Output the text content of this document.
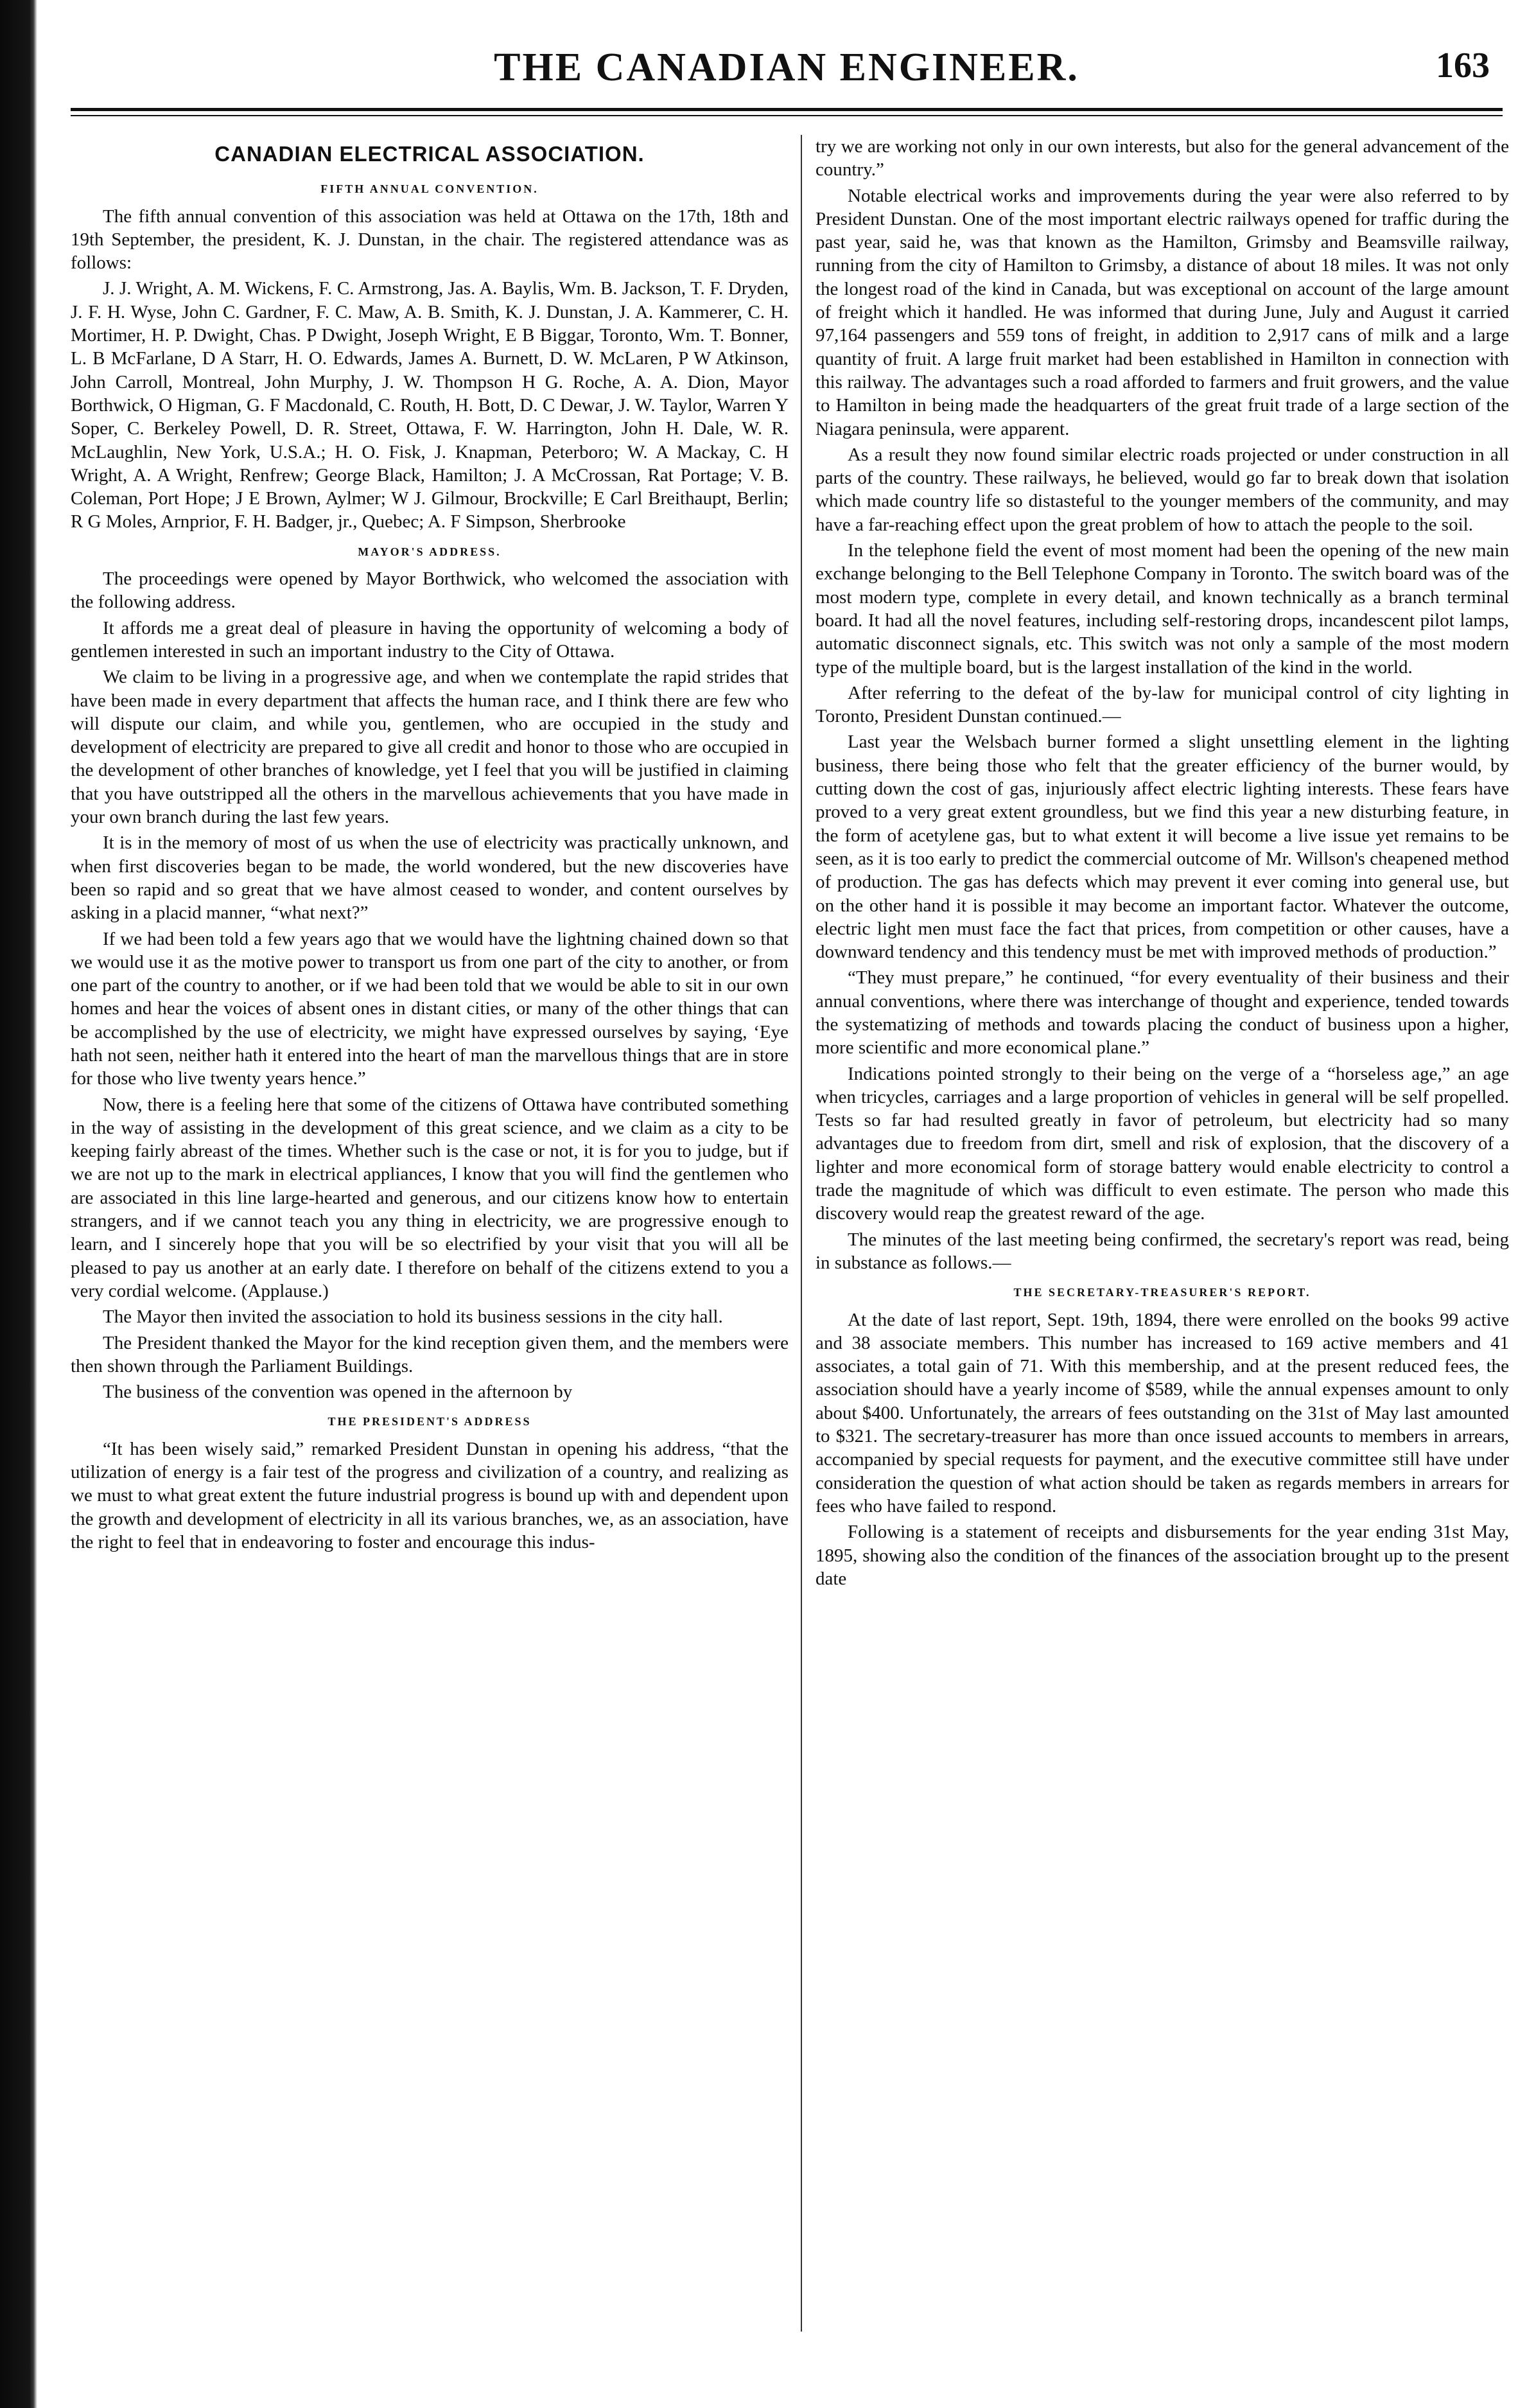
THE CANADIAN ENGINEER.	163
CANADIAN ELECTRICAL ASSOCIATION.
FIFTH ANNUAL CONVENTION.

The fifth annual convention of this association was held at Ottawa on the 17th, 18th and 19th September, the president, K. J. Dunstan, in the chair. The registered attendance was as follows:

J. J. Wright, A. M. Wickens, F. C. Armstrong, Jas. A. Baylis, Wm. B. Jackson, T. F. Dryden, J. F. H. Wyse, John C. Gardner, F. C. Maw, A. B. Smith, K. J. Dunstan, J. A. Kammerer, C. H. Mortimer, H. P. Dwight, Chas. P Dwight, Joseph Wright, E B Biggar, Toronto, Wm. T. Bonner, L. B McFarlane, D A Starr, H. O. Edwards, James A. Burnett, D. W. McLaren, P W Atkinson, John Carroll, Montreal, John Murphy, J. W. Thompson H G. Roche, A. A. Dion, Mayor Borthwick, O Higman, G. F Macdonald, C. Routh, H. Bott, D. C Dewar, J. W. Taylor, Warren Y Soper, C. Berkeley Powell, D. R. Street, Ottawa, F. W. Harrington, John H. Dale, W. R. McLaughlin, New York, U.S.A.; H. O. Fisk, J. Knapman, Peterboro; W. A Mackay, C. H Wright, A. A Wright, Renfrew; George Black, Hamilton; J. A McCrossan, Rat Portage; V. B. Coleman, Port Hope; J E Brown, Aylmer; W J. Gilmour, Brockville; E Carl Breithaupt, Berlin; R G Moles, Arnprior, F. H. Badger, jr., Quebec; A. F Simpson, Sherbrooke

MAYOR'S ADDRESS.

The proceedings were opened by Mayor Borthwick, who welcomed the association with the following address.

It affords me a great deal of pleasure in having the opportunity of welcoming a body of gentlemen interested in such an important industry to the City of Ottawa.

We claim to be living in a progressive age, and when we contemplate the rapid strides that have been made in every department that affects the human race, and I think there are few who will dispute our claim, and while you, gentlemen, who are occupied in the study and development of electricity are prepared to give all credit and honor to those who are occupied in the development of other branches of knowledge, yet I feel that you will be justified in claiming that you have outstripped all the others in the marvellous achievements that you have made in your own branch during the last few years.

It is in the memory of most of us when the use of electricity was practically unknown, and when first discoveries began to be made, the world wondered, but the new discoveries have been so rapid and so great that we have almost ceased to wonder, and content ourselves by asking in a placid manner, “what next?”

If we had been told a few years ago that we would have the lightning chained down so that we would use it as the motive power to transport us from one part of the city to another, or from one part of the country to another, or if we had been told that we would be able to sit in our own homes and hear the voices of absent ones in distant cities, or many of the other things that can be accomplished by the use of electricity, we might have expressed ourselves by saying, ‘Eye hath not seen, neither hath it entered into the heart of man the marvellous things that are in store for those who live twenty years hence.”

Now, there is a feeling here that some of the citizens of Ottawa have contributed something in the way of assisting in the development of this great science, and we claim as a city to be keeping fairly abreast of the times. Whether such is the case or not, it is for you to judge, but if we are not up to the mark in electrical appliances, I know that you will find the gentlemen who are associated in this line large-hearted and generous, and our citizens know how to entertain strangers, and if we cannot teach you any thing in electricity, we are progressive enough to learn, and I sincerely hope that you will be so electrified by your visit that you will all be pleased to pay us another at an early date. I therefore on behalf of the citizens extend to you a very cordial welcome. (Applause.)

The Mayor then invited the association to hold its business sessions in the city hall.

The President thanked the Mayor for the kind reception given them, and the members were then shown through the Parliament Buildings.

The business of the convention was opened in the afternoon by

THE PRESIDENT'S ADDRESS

“It has been wisely said,” remarked President Dunstan in opening his address, “that the utilization of energy is a fair test of the progress and civilization of a country, and realizing as we must to what great extent the future industrial progress is bound up with and dependent upon the growth and development of electricity in all its various branches, we, as an association, have the right to feel that in endeavoring to foster and encourage this indus-

try we are working not only in our own interests, but also for the general advancement of the country.”

Notable electrical works and improvements during the year were also referred to by President Dunstan. One of the most important electric railways opened for traffic during the past year, said he, was that known as the Hamilton, Grimsby and Beamsville railway, running from the city of Hamilton to Grimsby, a distance of about 18 miles. It was not only the longest road of the kind in Canada, but was exceptional on account of the large amount of freight which it handled. He was informed that during June, July and August it carried 97,164 passengers and 559 tons of freight, in addition to 2,917 cans of milk and a large quantity of fruit. A large fruit market had been established in Hamilton in connection with this railway. The advantages such a road afforded to farmers and fruit growers, and the value to Hamilton in being made the headquarters of the great fruit trade of a large section of the Niagara peninsula, were apparent.

As a result they now found similar electric roads projected or under construction in all parts of the country. These railways, he believed, would go far to break down that isolation which made country life so distasteful to the younger members of the community, and may have a far-reaching effect upon the great problem of how to attach the people to the soil.

In the telephone field the event of most moment had been the opening of the new main exchange belonging to the Bell Telephone Company in Toronto. The switch board was of the most modern type, complete in every detail, and known technically as a branch terminal board. It had all the novel features, including self-restoring drops, incandescent pilot lamps, automatic disconnect signals, etc. This switch was not only a sample of the most modern type of the multiple board, but is the largest installation of the kind in the world.

After referring to the defeat of the by-law for municipal control of city lighting in Toronto, President Dunstan continued.—

Last year the Welsbach burner formed a slight unsettling element in the lighting business, there being those who felt that the greater efficiency of the burner would, by cutting down the cost of gas, injuriously affect electric lighting interests. These fears have proved to a very great extent groundless, but we find this year a new disturbing feature, in the form of acetylene gas, but to what extent it will become a live issue yet remains to be seen, as it is too early to predict the commercial outcome of Mr. Willson's cheapened method of production. The gas has defects which may prevent it ever coming into general use, but on the other hand it is possible it may become an important factor. Whatever the outcome, electric light men must face the fact that prices, from competition or other causes, have a downward tendency and this tendency must be met with improved methods of production.”

“They must prepare,” he continued, “for every eventuality of their business and their annual conventions, where there was interchange of thought and experience, tended towards the systematizing of methods and towards placing the conduct of business upon a higher, more scientific and more economical plane.”

Indications pointed strongly to their being on the verge of a “horseless age,” an age when tricycles, carriages and a large proportion of vehicles in general will be self propelled. Tests so far had resulted greatly in favor of petroleum, but electricity had so many advantages due to freedom from dirt, smell and risk of explosion, that the discovery of a lighter and more economical form of storage battery would enable electricity to control a trade the magnitude of which was difficult to even estimate. The person who made this discovery would reap the greatest reward of the age.

The minutes of the last meeting being confirmed, the secretary's report was read, being in substance as follows.—

THE SECRETARY-TREASURER'S REPORT.

At the date of last report, Sept. 19th, 1894, there were enrolled on the books 99 active and 38 associate members. This number has increased to 169 active members and 41 associates, a total gain of 71. With this membership, and at the present reduced fees, the association should have a yearly income of $589, while the annual expenses amount to only about $400. Unfortunately, the arrears of fees outstanding on the 31st of May last amounted to $321. The secretary-treasurer has more than once issued accounts to members in arrears, accompanied by special requests for payment, and the executive committee still have under consideration the question of what action should be taken as regards members in arrears for fees who have failed to respond.

Following is a statement of receipts and disbursements for the year ending 31st May, 1895, showing also the condition of the finances of the association brought up to the present date
